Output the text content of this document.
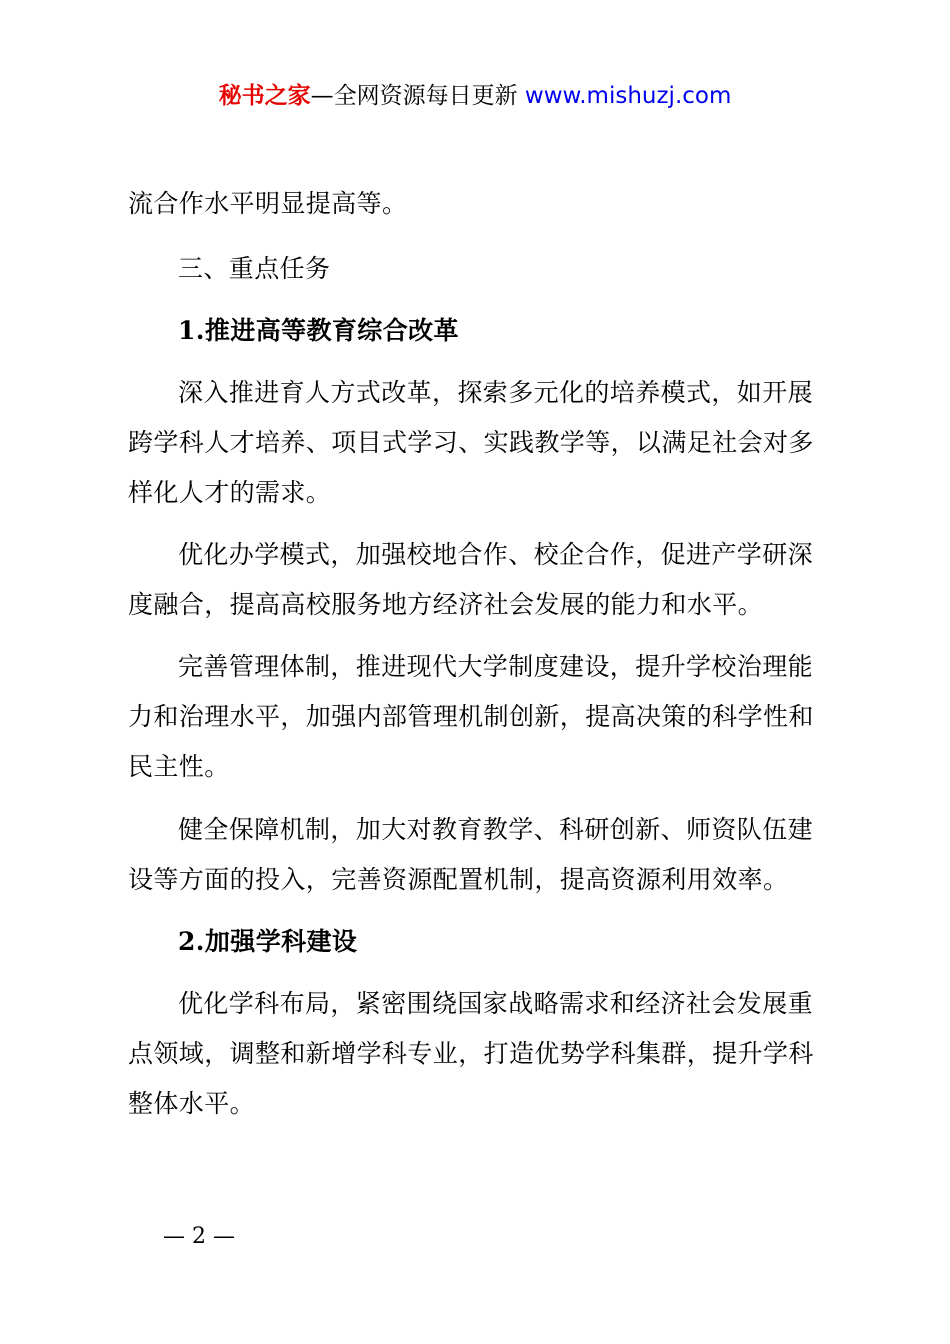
秘书之家—全网资源每日更新 www.mishuzj.com
流合作水平明显提高等。
三、重点任务
1.推进高等教育综合改革
深入推进育人方式改革，探索多元化的培养模式，如开展
跨学科人才培养、项目式学习、实践教学等，以满足社会对多
样化人才的需求。
优化办学模式，加强校地合作、校企合作，促进产学研深
度融合，提高高校服务地方经济社会发展的能力和水平。
完善管理体制，推进现代大学制度建设，提升学校治理能
力和治理水平，加强内部管理机制创新，提高决策的科学性和
民主性。
健全保障机制，加大对教育教学、科研创新、师资队伍建
设等方面的投入，完善资源配置机制，提高资源利用效率。
2.加强学科建设
优化学科布局，紧密围绕国家战略需求和经济社会发展重
点领域，调整和新增学科专业，打造优势学科集群，提升学科
整体水平。
— 2 —
